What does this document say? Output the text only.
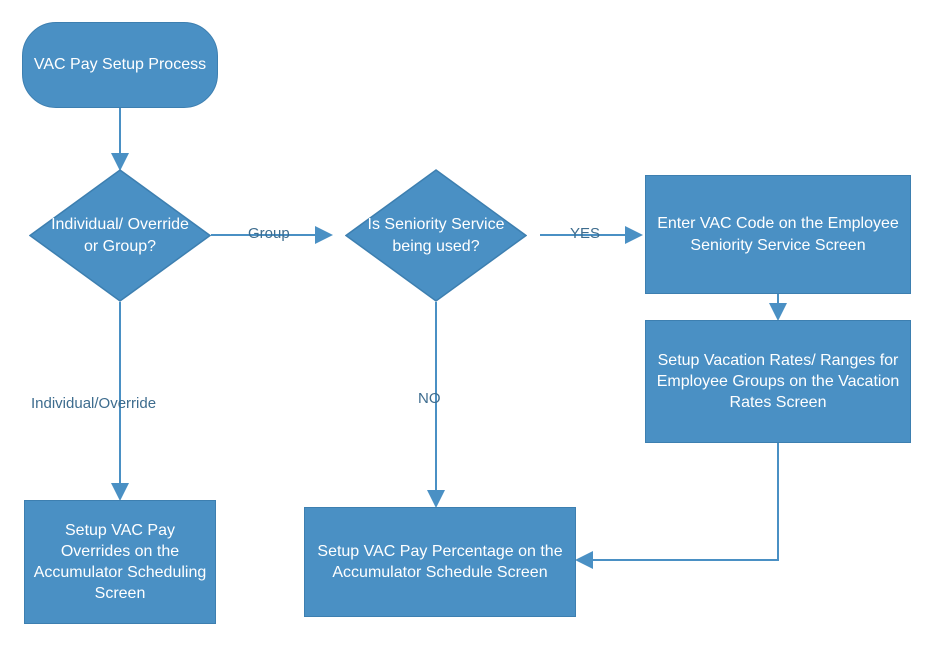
VAC Pay Setup Process
Individual/ Override or Group?
Is Seniority Service being used?
Enter VAC Code on the Employee Seniority Service Screen
Setup Vacation Rates/ Ranges for Employee Groups on the Vacation Rates Screen
Setup VAC Pay Overrides on the Accumulator Scheduling Screen
Setup VAC Pay Percentage on the Accumulator Schedule Screen
Group	YES
NO
Individual/Override
